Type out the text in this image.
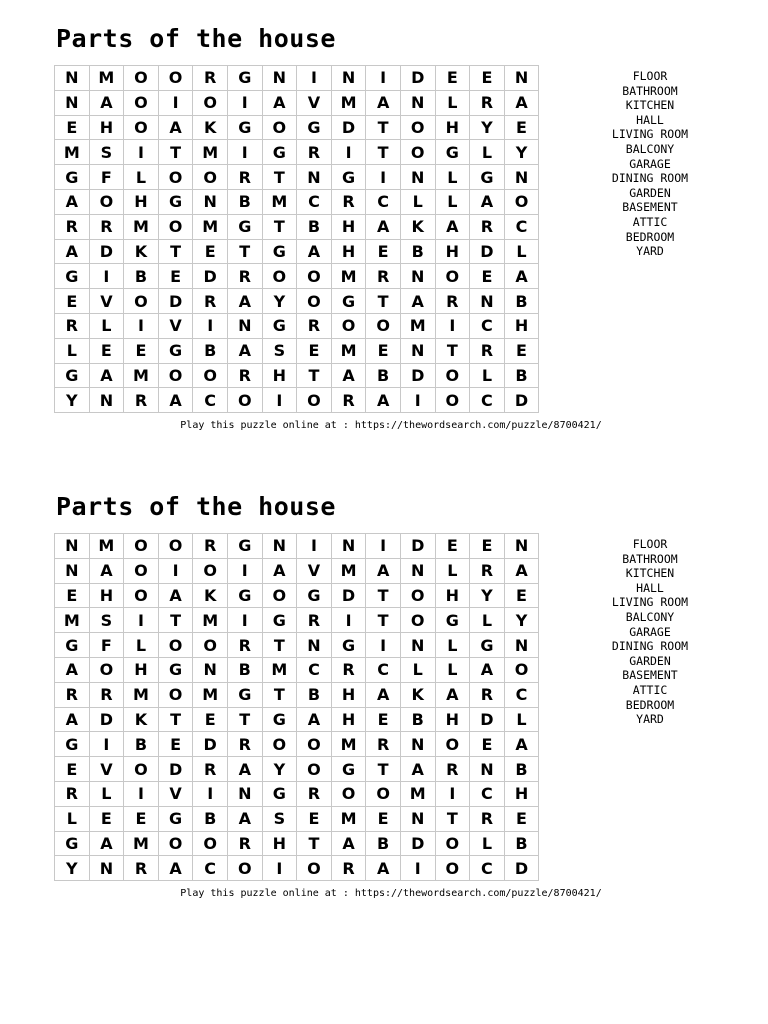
Parts of the house
N	M	O	O	R	G	N	I	N	I	D	E	E	N
N	A	O	I	O	I	A	V	M	A	N	L	R	A
E	H	O	A	K	G	O	G	D	T	O	H	Y	E
M	S	I	T	M	I	G	R	I	T	O	G	L	Y
G	F	L	O	O	R	T	N	G	I	N	L	G	N
A	O	H	G	N	B	M	C	R	C	L	L	A	O
R	R	M	O	M	G	T	B	H	A	K	A	R	C
A	D	K	T	E	T	G	A	H	E	B	H	D	L
G	I	B	E	D	R	O	O	M	R	N	O	E	A
E	V	O	D	R	A	Y	O	G	T	A	R	N	B
R	L	I	V	I	N	G	R	O	O	M	I	C	H
L	E	E	G	B	A	S	E	M	E	N	T	R	E
G	A	M	O	O	R	H	T	A	B	D	O	L	B
Y	N	R	A	C	O	I	O	R	A	I	O	C	D
FLOOR
BATHROOM
KITCHEN
HALL
LIVING ROOM
BALCONY
GARAGE
DINING ROOM
GARDEN
BASEMENT
ATTIC
BEDROOM
YARD
Play this puzzle online at : https://thewordsearch.com/puzzle/8700421/
Parts of the house
N	M	O	O	R	G	N	I	N	I	D	E	E	N
N	A	O	I	O	I	A	V	M	A	N	L	R	A
E	H	O	A	K	G	O	G	D	T	O	H	Y	E
M	S	I	T	M	I	G	R	I	T	O	G	L	Y
G	F	L	O	O	R	T	N	G	I	N	L	G	N
A	O	H	G	N	B	M	C	R	C	L	L	A	O
R	R	M	O	M	G	T	B	H	A	K	A	R	C
A	D	K	T	E	T	G	A	H	E	B	H	D	L
G	I	B	E	D	R	O	O	M	R	N	O	E	A
E	V	O	D	R	A	Y	O	G	T	A	R	N	B
R	L	I	V	I	N	G	R	O	O	M	I	C	H
L	E	E	G	B	A	S	E	M	E	N	T	R	E
G	A	M	O	O	R	H	T	A	B	D	O	L	B
Y	N	R	A	C	O	I	O	R	A	I	O	C	D
FLOOR
BATHROOM
KITCHEN
HALL
LIVING ROOM
BALCONY
GARAGE
DINING ROOM
GARDEN
BASEMENT
ATTIC
BEDROOM
YARD
Play this puzzle online at : https://thewordsearch.com/puzzle/8700421/
